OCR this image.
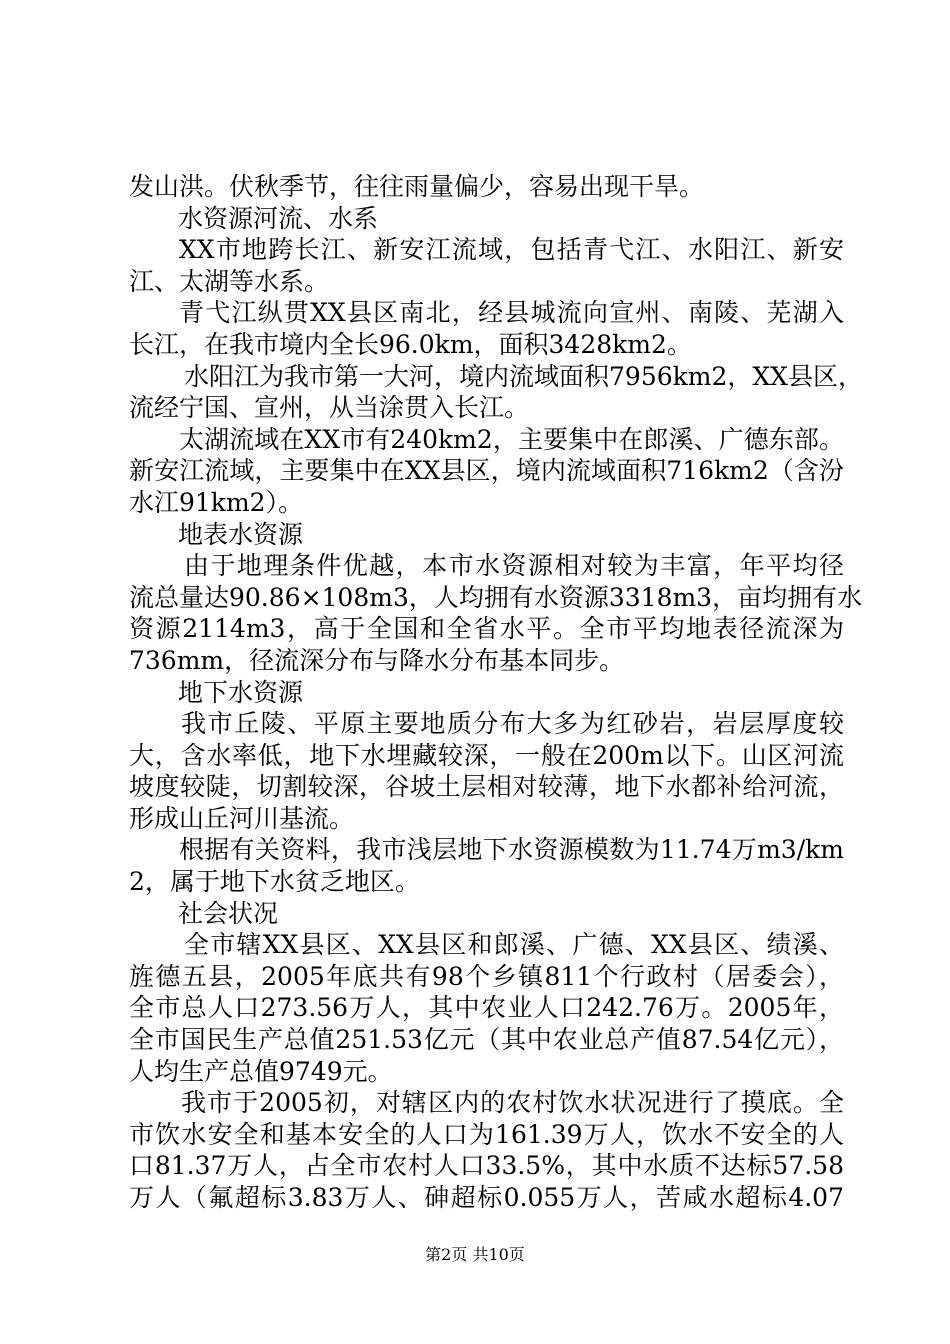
发山洪。伏秋季节，往往雨量偏少，容易出现干旱。
水资源河流、水系
XX市地跨长江、新安江流域，包括青弋江、水阳江、新安
江、太湖等水系。
青弋江纵贯XX县区南北，经县城流向宣州、南陵、芜湖入
长江，在我市境内全长96.0km，面积3428km2。
水阳江为我市第一大河，境内流域面积7956km2，XX县区，
流经宁国、宣州，从当涂贯入长江。
太湖流域在XX市有240km2，主要集中在郎溪、广德东部。
新安江流域，主要集中在XX县区，境内流域面积716km2（含汾
水江91km2）。
地表水资源
由于地理条件优越，本市水资源相对较为丰富，年平均径
流总量达90.86×108m3，人均拥有水资源3318m3，亩均拥有水
资源2114m3，高于全国和全省水平。全市平均地表径流深为
736mm，径流深分布与降水分布基本同步。
地下水资源
我市丘陵、平原主要地质分布大多为红砂岩，岩层厚度较
大，含水率低，地下水埋藏较深，一般在200m以下。山区河流
坡度较陡，切割较深，谷坡土层相对较薄，地下水都补给河流，
形成山丘河川基流。
根据有关资料，我市浅层地下水资源模数为11.74万m3/km
2，属于地下水贫乏地区。
社会状况
全市辖XX县区、XX县区和郎溪、广德、XX县区、绩溪、
旌德五县，2005年底共有98个乡镇811个行政村（居委会），
全市总人口273.56万人，其中农业人口242.76万。2005年，
全市国民生产总值251.53亿元（其中农业总产值87.54亿元），
人均生产总值9749元。
我市于2005初，对辖区内的农村饮水状况进行了摸底。全
市饮水安全和基本安全的人口为161.39万人，饮水不安全的人
口81.37万人，占全市农村人口33.5%，其中水质不达标57.58
万人（氟超标3.83万人、砷超标0.055万人，苦咸水超标4.07
第2页 共10页
